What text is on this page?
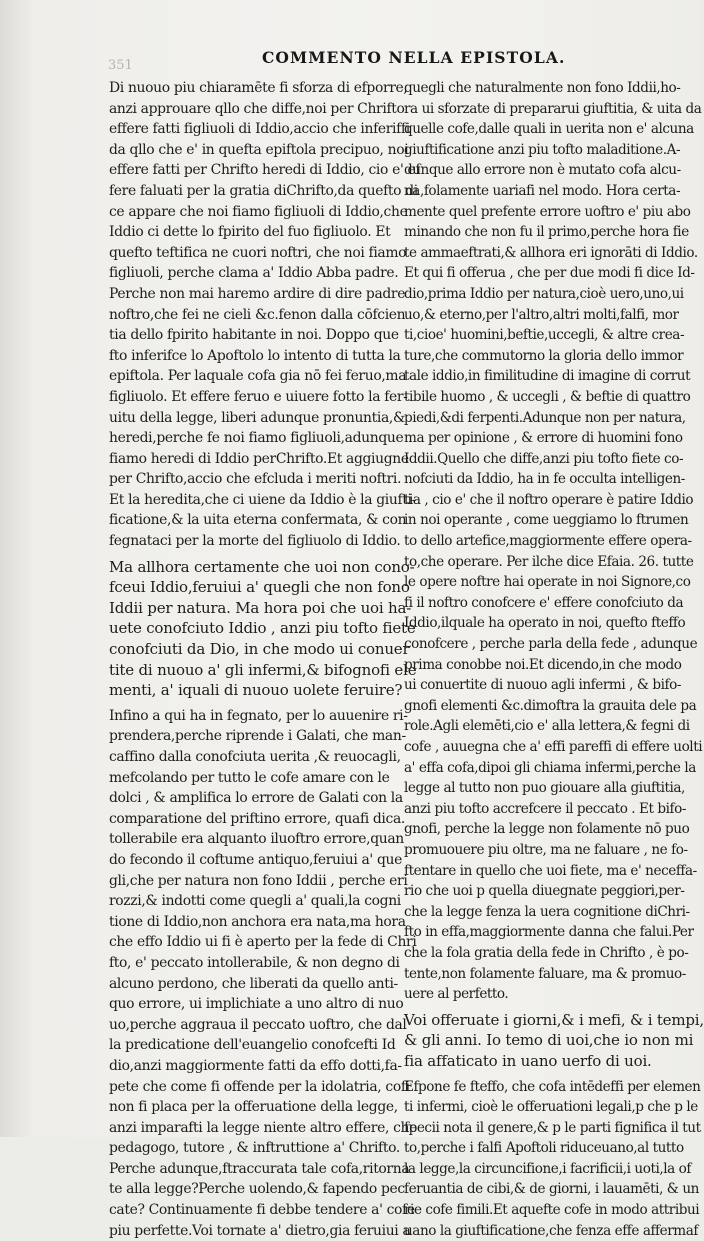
351	COMMENTO NELLA EPISTOLA.
Di nuouo piu chiaramēte fi sforza di efporre,
anzi approuare qllo che diffe,noi per Chrifto
effere fatti figliuoli di Iddio,accio che inferiffi
da qllo che e' in quefta epiftola precipuo, noi
effere fatti per Chrifto heredi di Iddio, cio e' ef
fere faluati per la gratia diChrifto,da quefto di
ce appare che noi fiamo figliuoli di Iddio,che
Iddio ci dette lo fpirito del fuo figliuolo. Et
quefto teftifica ne cuori noftri, che noi fiamo
figliuoli, perche clama a' Iddio Abba padre.
Perche non mai haremo ardire di dire padre
noftro,che fei ne cieli &c.fenon dalla cōfcien
tia dello fpirito habitante in noi. Doppo que
fto inferifce lo Apoftolo lo intento di tutta la
epiftola. Per laquale cofa gia nō fei feruo,ma
figliuolo. Et effere feruo e uiuere fotto la fer-
uitu della legge, liberi adunque pronuntia,&
heredi,perche fe noi fiamo figliuoli,adunque
fiamo heredi di Iddio perChrifto.Et aggiugne
per Chrifto,accio che efcluda i meriti noftri.
Et la heredita,che ci uiene da Iddio è la giufti-
ficatione,& la uita eterna confermata, & con
fegnataci per la morte del figliuolo di Iddio.
Ma allhora certamente che uoi non cono-
fceui Iddio,feruiui a' quegli che non fono
Iddii per natura. Ma hora poi che uoi ha-
uete conofciuto Iddio , anzi piu tofto fiete
conofciuti da Dio, in che modo ui conuer
tite di nuouo a' gli infermi,& bifognofi ele
menti, a' iquali di nuouo uolete feruire?
Infino a qui ha in fegnato, per lo auuenire ri-
prendera,perche riprende i Galati, che man-
caffino dalla conofciuta uerita ,& reuocagli,
mefcolando per tutto le cofe amare con le
dolci , & amplifica lo errore de Galati con la
comparatione del priftino errore, quafi dica.
tollerabile era alquanto iluoftro errore,quan
do fecondo il coftume antiquo,feruiui a' que
gli,che per natura non fono Iddii , perche eri
rozzi,& indotti come quegli a' quali,la cogni
tione di Iddio,non anchora era nata,ma hora
che effo Iddio ui fi è aperto per la fede di Chri
fto, e' peccato intollerabile, & non degno di
alcuno perdono, che liberati da quello anti-
quo errore, ui implichiate a uno altro di nuo
uo,perche aggraua il peccato uoftro, che dal
la predicatione dell'euangelio conofcefti Id
dio,anzi maggiormente fatti da effo dotti,fa-
pete che come fi offende per la idolatria, cofi
non fi placa per la offeruatione della legge,
anzi imparafti la legge niente altro effere, che
pedagogo, tutore , & inftruttione a' Chrifto.
Perche adunque,ftraccurata tale cofa,ritorna
te alla legge?Perche uolendo,& fapendo pec
cate? Continuamente fi debbe tendere a' cofe
piu perfette.Voi tornate a' dietro,gia feruiui a
quegli che naturalmente non fono Iddii,ho-
ra ui sforzate di prepararui giuftitia, & uita da
quelle cofe,dalle quali in uerita non e' alcuna
giuftificatione anzi piu tofto maladitione.A-
dunque allo errore non è mutato cofa alcu-
na,folamente uariafi nel modo. Hora certa-
mente quel prefente errore uoftro e' piu abo
minando che non fu il primo,perche hora fie
te ammaeftrati,& allhora eri ignorāti di Iddio.
Et qui fi offerua , che per due modi fi dice Id-
dio,prima Iddio per natura,cioè uero,uno,ui
uo,& eterno,per l'altro,altri molti,falfi, mor
ti,cioe' huomini,beftie,uccegli, & altre crea-
ture,che commutorno la gloria dello immor
tale iddio,in fimilitudine di imagine di corrut
tibile huomo , & uccegli , & beftie di quattro
piedi,&di ferpenti.Adunque non per natura,
ma per opinione , & errore di huomini fono
Iddii.Quello che diffe,anzi piu tofto fiete co-
nofciuti da Iddio, ha in fe occulta intelligen-
tia , cio e' che il noftro operare è patire Iddio
in noi operante , come ueggiamo lo ftrumen
to dello artefice,maggiormente effere opera-
to,che operare. Per ilche dice Efaia. 26. tutte
le opere noftre hai operate in noi Signore,co
fi il noftro conofcere e' effere conofciuto da
Iddio,ilquale ha operato in noi, quefto fteffo
conofcere , perche parla della fede , adunque
prima conobbe noi.Et dicendo,in che modo
ui conuertite di nuouo agli infermi , & bifo-
gnofi elementi &c.dimoftra la grauita dele pa
role.Agli elemēti,cio e' alla lettera,& fegni di
cofe , auuegna che a' effi pareffi di effere uolti
a' effa cofa,dipoi gli chiama infermi,perche la
legge al tutto non puo giouare alla giuftitia,
anzi piu tofto accrefcere il peccato . Et bifo-
gnofi, perche la legge non folamente nō puo
promuouere piu oltre, ma ne faluare , ne fo-
ftentare in quello che uoi fiete, ma e' neceffa-
rio che uoi p quella diuegnate peggiori,per-
che la legge fenza la uera cognitione diChri-
fto in effa,maggiormente danna che falui.Per
che la fola gratia della fede in Chrifto , è po-
tente,non folamente faluare, ma & promuo-
uere al perfetto.
Voi offeruate i giorni,& i mefi, & i tempi,
& gli anni. Io temo di uoi,che io non mi
fia affaticato in uano uerfo di uoi.
Efpone fe fteffo, che cofa intēdeffi per elemen
ti infermi, cioè le offeruationi legali,p che p le
fpecii nota il genere,& p le parti fignifica il tut
to,perche i falfi Apoftoli riduceuano,al tutto
la legge,la circuncifione,i facrificii,i uoti,la of
feruantia de cibi,& de giorni, i lauamēti, & un
rie cofe fimili.Et aquefte cofe in modo attribui
uano la giuftificatione,che fenza effe affermaf
